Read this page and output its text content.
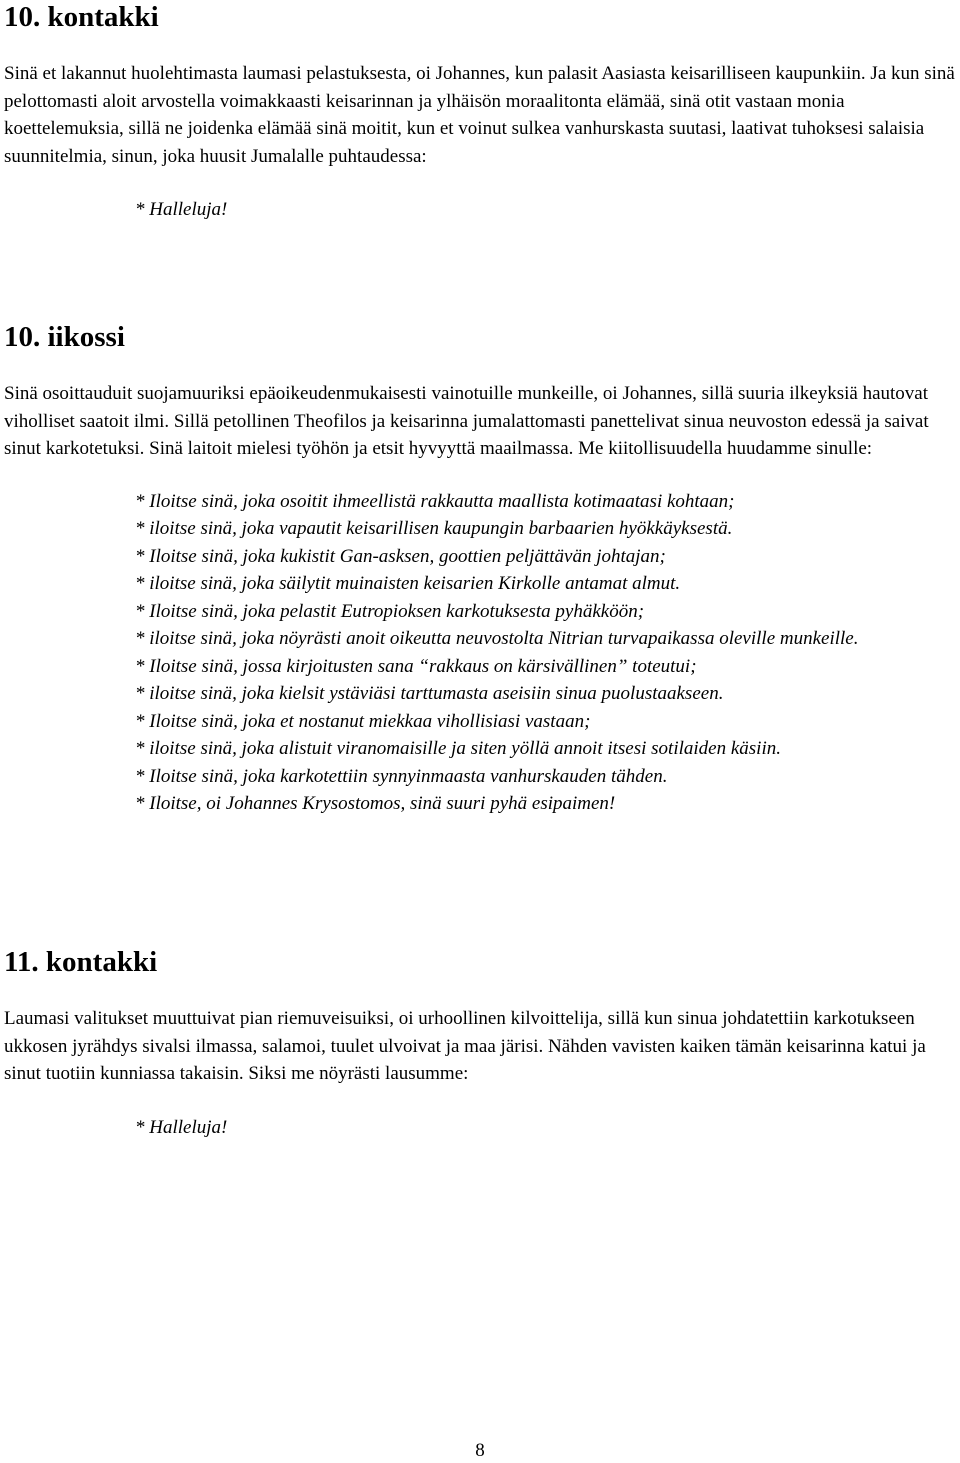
10. kontakki

Sinä et lakannut huolehtimasta laumasi pelastuksesta, oi Johannes, kun palasit Aasiasta keisarilliseen kaupunkiin. Ja kun sinä pelottomasti aloit arvostella voimakkaasti keisarinnan ja ylhäisön moraalitonta elämää, sinä otit vastaan monia koettelemuksia, sillä ne joidenka elämää sinä moitit, kun et voinut sulkea vanhurskasta suutasi, laativat tuhoksesi salaisia suunnitelmia, sinun, joka huusit Jumalalle puhtaudessa:

* Halleluja!
10. iikossi

Sinä osoittauduit suojamuuriksi epäoikeudenmukaisesti vainotuille munkeille, oi Johannes, sillä suuria ilkeyksiä hautovat viholliset saatoit ilmi. Sillä petollinen Theofilos ja keisarinna jumalattomasti panettelivat sinua neuvoston edessä ja saivat sinut karkotetuksi. Sinä laitoit mielesi työhön ja etsit hyvyyttä maailmassa. Me kiitollisuudella huudamme sinulle:

* Iloitse sinä, joka osoitit ihmeellistä rakkautta maallista kotimaatasi kohtaan;
* iloitse sinä, joka vapautit keisarillisen kaupungin barbaarien hyökkäyksestä.
* Iloitse sinä, joka kukistit Gan-asksen, goottien peljättävän johtajan;
* iloitse sinä, joka säilytit muinaisten keisarien Kirkolle antamat almut.
* Iloitse sinä, joka pelastit Eutropioksen karkotuksesta pyhäkköön;
* iloitse sinä, joka nöyrästi anoit oikeutta neuvostolta Nitrian turvapaikassa oleville munkeille.
* Iloitse sinä, jossa kirjoitusten sana “rakkaus on kärsivällinen” toteutui;
* iloitse sinä, joka kielsit ystäviäsi tarttumasta aseisiin sinua puolustaakseen.
* Iloitse sinä, joka et nostanut miekkaa vihollisiasi vastaan;
* iloitse sinä, joka alistuit viranomaisille ja siten yöllä annoit itsesi sotilaiden käsiin.
* Iloitse sinä, joka karkotettiin synnyinmaasta vanhurskauden tähden.
* Iloitse, oi Johannes Krysostomos, sinä suuri pyhä esipaimen!
11. kontakki

Laumasi valitukset muuttuivat pian riemuveisuiksi, oi urhoollinen kilvoittelija, sillä kun sinua johdatettiin karkotukseen ukkosen jyrähdys sivalsi ilmassa, salamoi, tuulet ulvoivat ja maa järisi. Nähden vavisten kaiken tämän keisarinna katui ja sinut tuotiin kunniassa takaisin. Siksi me nöyrästi lausumme:

* Halleluja!
8
